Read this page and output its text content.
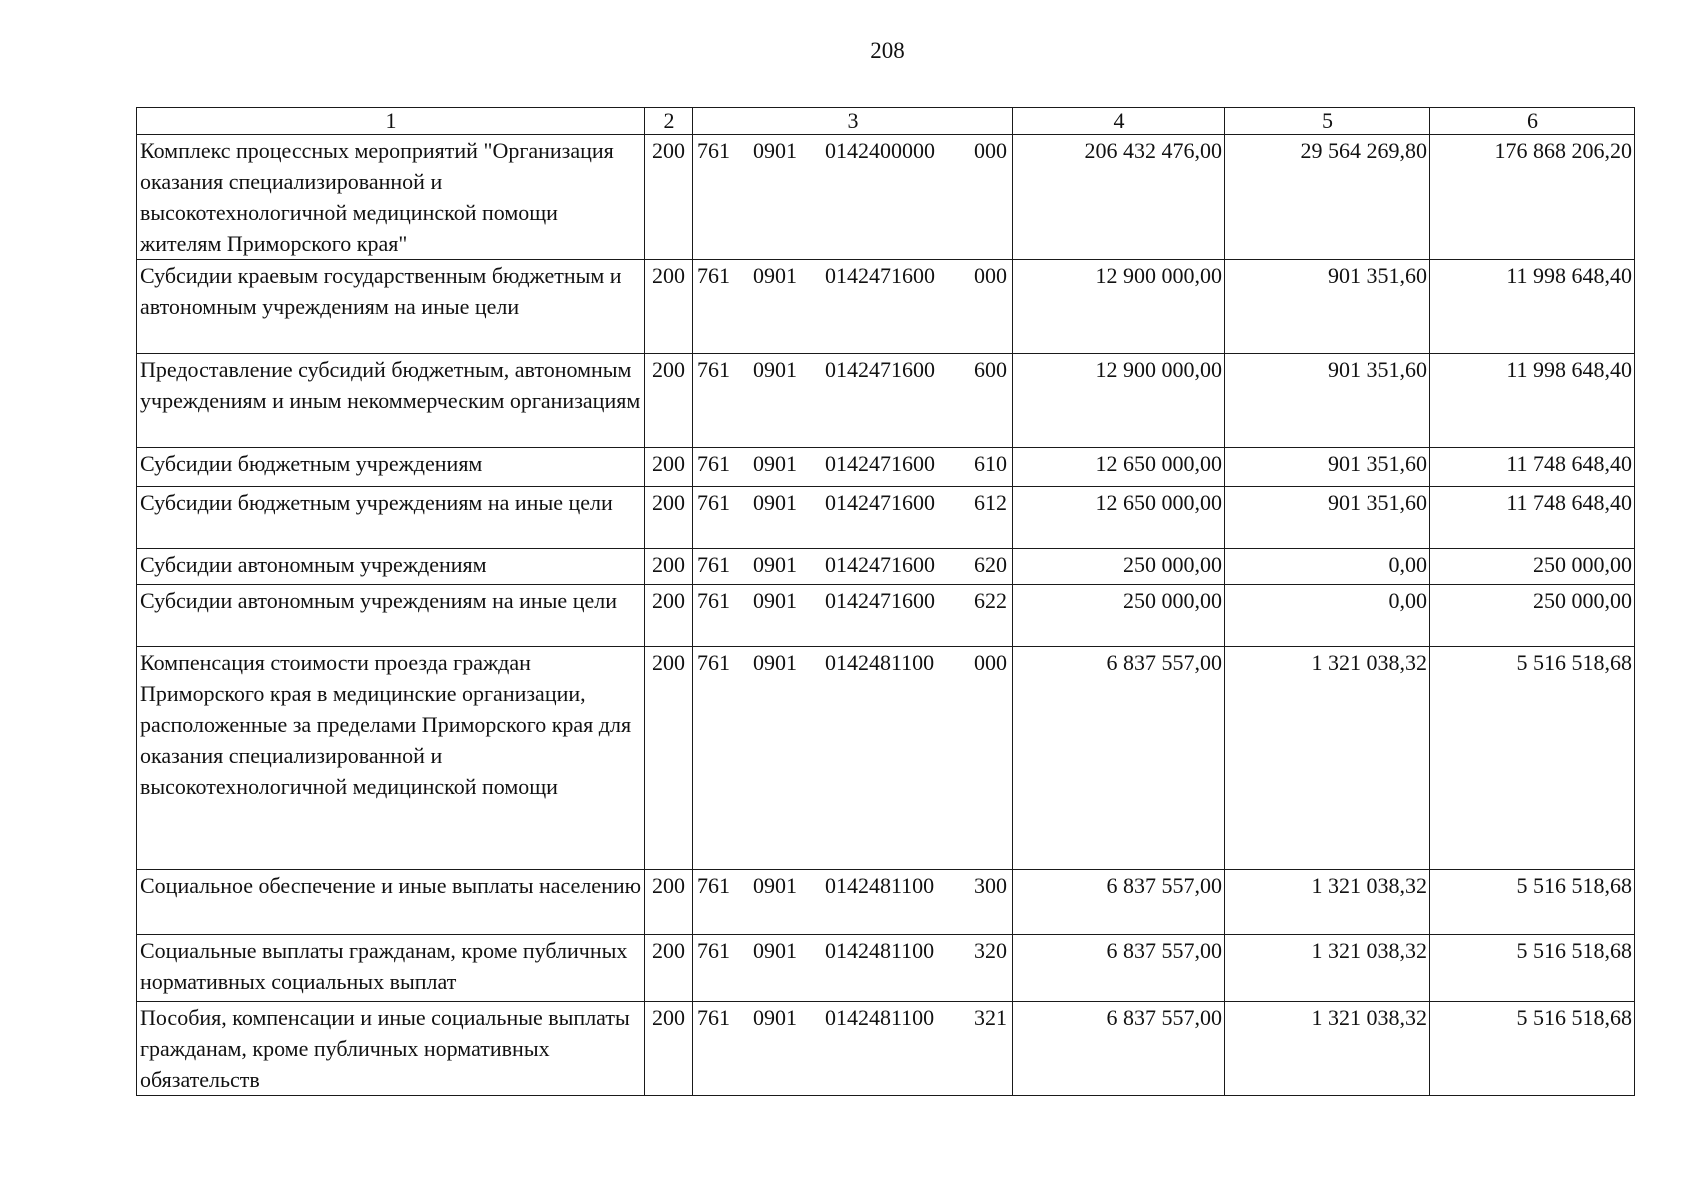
208
1	2	3	4	5	6
Комплекс процессных мероприятий "Организация оказания специализированной и высокотехнологичной медицинской помощи жителям Приморского края"	200	761 0901 0142400000 000	206 432 476,00	29 564 269,80	176 868 206,20
Субсидии краевым государственным бюджетным и автономным учреждениям на иные цели	200	761 0901 0142471600 000	12 900 000,00	901 351,60	11 998 648,40
Предоставление субсидий бюджетным, автономным учреждениям и иным некоммерческим организациям	200	761 0901 0142471600 600	12 900 000,00	901 351,60	11 998 648,40
Субсидии бюджетным учреждениям	200	761 0901 0142471600 610	12 650 000,00	901 351,60	11 748 648,40
Субсидии бюджетным учреждениям на иные цели	200	761 0901 0142471600 612	12 650 000,00	901 351,60	11 748 648,40
Субсидии автономным учреждениям	200	761 0901 0142471600 620	250 000,00	0,00	250 000,00
Субсидии автономным учреждениям на иные цели	200	761 0901 0142471600 622	250 000,00	0,00	250 000,00
Компенсация стоимости проезда граждан Приморского края в медицинские организации, расположенные за пределами Приморского края для оказания специализированной и высокотехнологичной медицинской помощи	200	761 0901 0142481100 000	6 837 557,00	1 321 038,32	5 516 518,68
Социальное обеспечение и иные выплаты населению	200	761 0901 0142481100 300	6 837 557,00	1 321 038,32	5 516 518,68
Социальные выплаты гражданам, кроме публичных нормативных социальных выплат	200	761 0901 0142481100 320	6 837 557,00	1 321 038,32	5 516 518,68
Пособия, компенсации и иные социальные выплаты гражданам, кроме публичных нормативных обязательств	200	761 0901 0142481100 321	6 837 557,00	1 321 038,32	5 516 518,68
